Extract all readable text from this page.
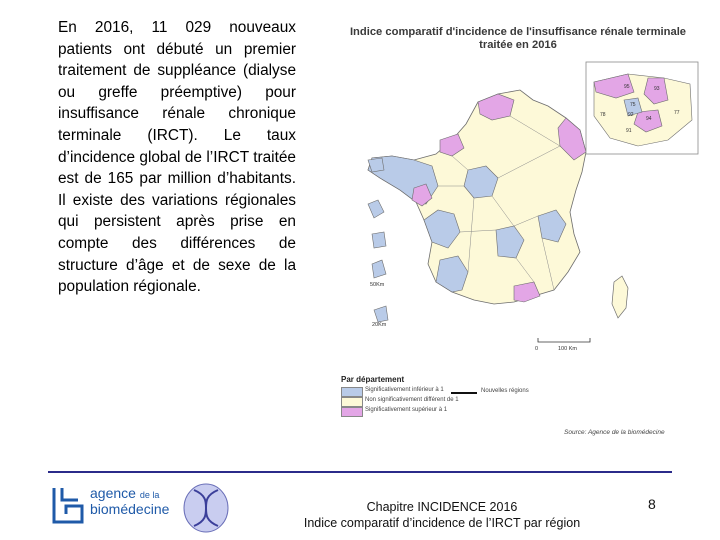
En 2016, 11 029 nouveaux patients ont débuté un premier traitement de suppléance (dialyse ou greffe préemptive) pour insuffisance rénale chronique terminale (IRCT). Le taux d’incidence global de l’IRCT traitée est de 165 par million d’habitants. Il existe des variations régionales qui persistent après prise en compte des différences de structure d’âge et de sexe de la population régionale.
95	93
75
92
94
91
78	77
50Km
20Km
0	100 Km
Indice comparatif d'incidence de l'insuffisance rénale terminale
traitée en 2016
Par département
Significativement inférieur à 1	Nouvelles régions
Non significativement différent de 1
Significativement supérieur à 1
Source: Agence de la biomédecine
agence de la
biomédecine	Chapitre INCIDENCE 2016
Indice comparatif d’incidence de l’IRCT par région
8
